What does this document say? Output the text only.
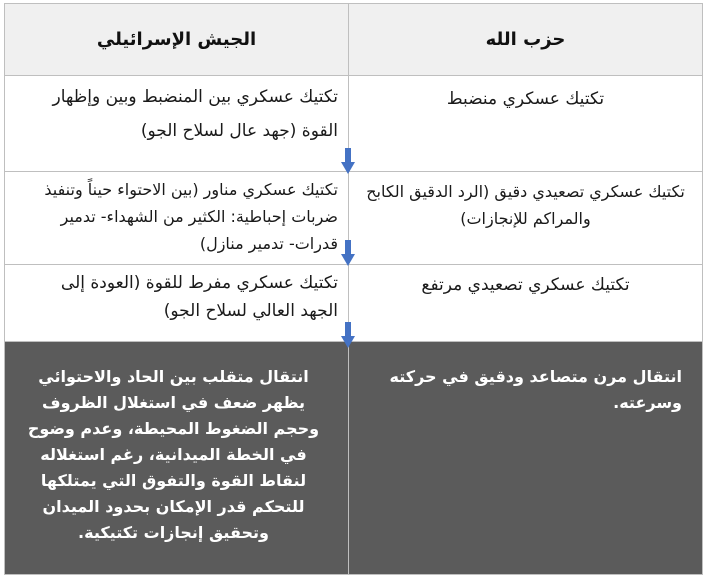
الجيش الإسرائيلي	حزب الله
تكتيك عسكري بين المنضبط وبين وإظهار القوة (جهد عال لسلاح الجو)
تكتيك عسكري منضبط
تكتيك عسكري مناور (بين الاحتواء حيناً وتنفيذ ضربات إحباطية: الكثير من الشهداء- تدمير قدرات- تدمير منازل)
تكتيك عسكري تصعيدي دقيق (الرد الدقيق الكابح والمراكم للإنجازات)
تكتيك عسكري مفرط للقوة (العودة إلى الجهد العالي لسلاح الجو)
تكتيك عسكري تصعيدي مرتفع
انتقال متقلب بين الحاد والاحتوائي يظهر ضعف في استغلال الظروف وحجم الضغوط المحيطة، وعدم وضوح في الخطة الميدانية، رغم استغلاله لنقاط القوة والتفوق التي يمتلكها للتحكم قدر الإمكان بحدود الميدان وتحقيق إنجازات تكتيكية.
انتقال مرن متصاعد ودقيق في حركته وسرعته.
